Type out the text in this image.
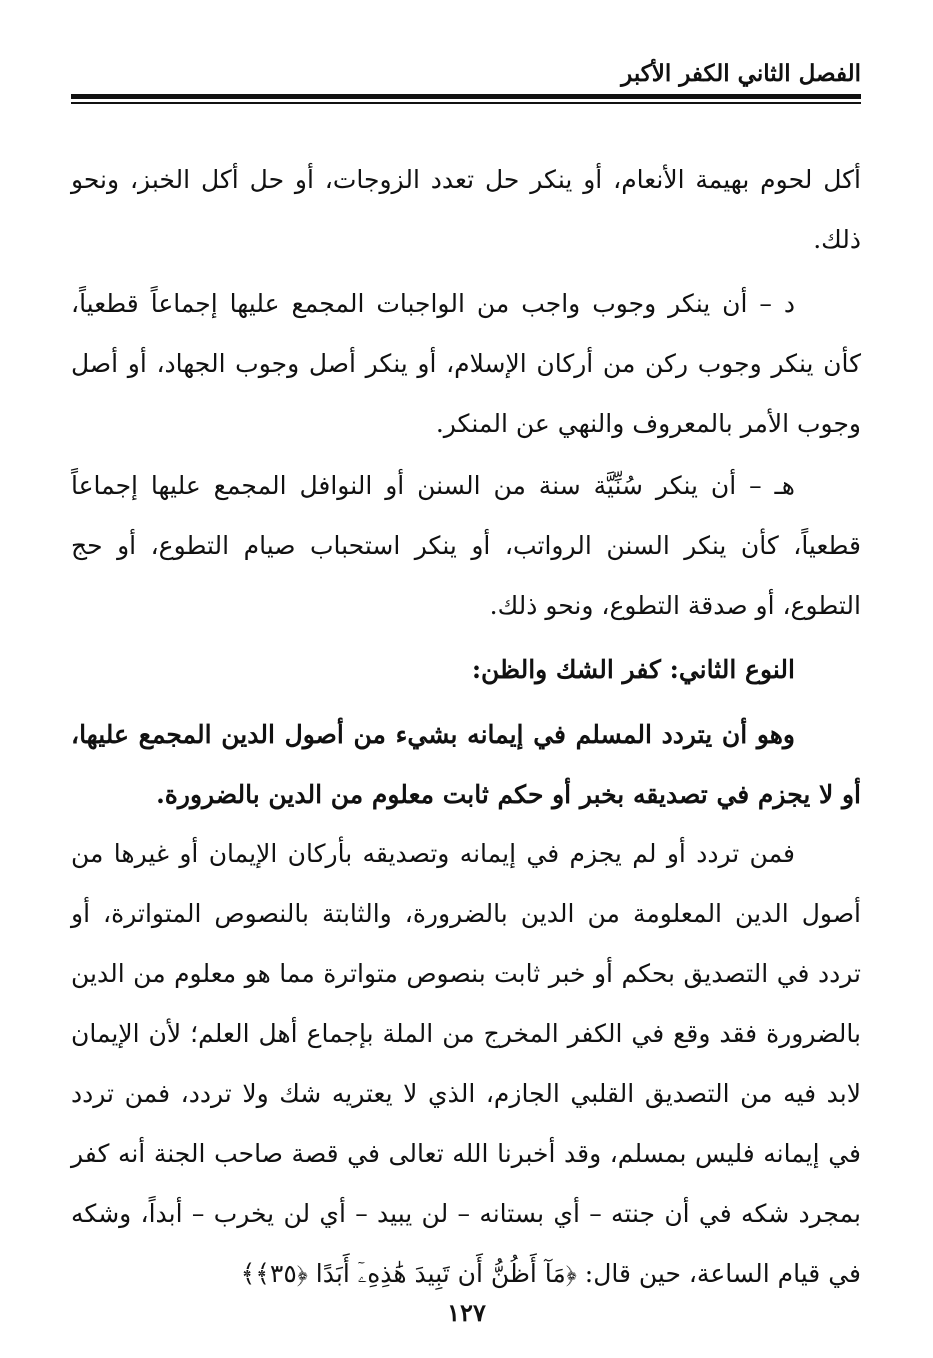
الفصل الثاني الكفر الأكبر

أكل لحوم بهيمة الأنعام، أو ينكر حل تعدد الزوجات، أو حل أكل الخبز، ونحو ذلك.

د – أن ينكر وجوب واجب من الواجبات المجمع عليها إجماعاً قطعياً، كأن ينكر وجوب ركن من أركان الإسلام، أو ينكر أصل وجوب الجهاد، أو أصل وجوب الأمر بالمعروف والنهي عن المنكر.

هـ – أن ينكر سُنِّيَّة سنة من السنن أو النوافل المجمع عليها إجماعاً قطعياً، كأن ينكر السنن الرواتب، أو ينكر استحباب صيام التطوع، أو حج التطوع، أو صدقة التطوع، ونحو ذلك.

النوع الثاني: كفر الشك والظن:

وهو أن يتردد المسلم في إيمانه بشيء من أصول الدين المجمع عليها، أو لا يجزم في تصديقه بخبر أو حكم ثابت معلوم من الدين بالضرورة.

فمن تردد أو لم يجزم في إيمانه وتصديقه بأركان الإيمان أو غيرها من أصول الدين المعلومة من الدين بالضرورة، والثابتة بالنصوص المتواترة، أو تردد في التصديق بحكم أو خبر ثابت بنصوص متواترة مما هو معلوم من الدين بالضرورة فقد وقع في الكفر المخرج من الملة بإجماع أهل العلم؛ لأن الإيمان لابد فيه من التصديق القلبي الجازم، الذي لا يعتريه شك ولا تردد، فمن تردد في إيمانه فليس بمسلم، وقد أخبرنا الله تعالى في قصة صاحب الجنة أنه كفر بمجرد شكه في أن جنته – أي بستانه – لن يبيد – أي لن يخرب – أبداً، وشكه في قيام الساعة، حين قال: ﴿مَآ أَظُنُّ أَن تَبِيدَ هَٰذِهِۦٓ أَبَدًا ﴿٣٥﴾﴾

١٢٧
